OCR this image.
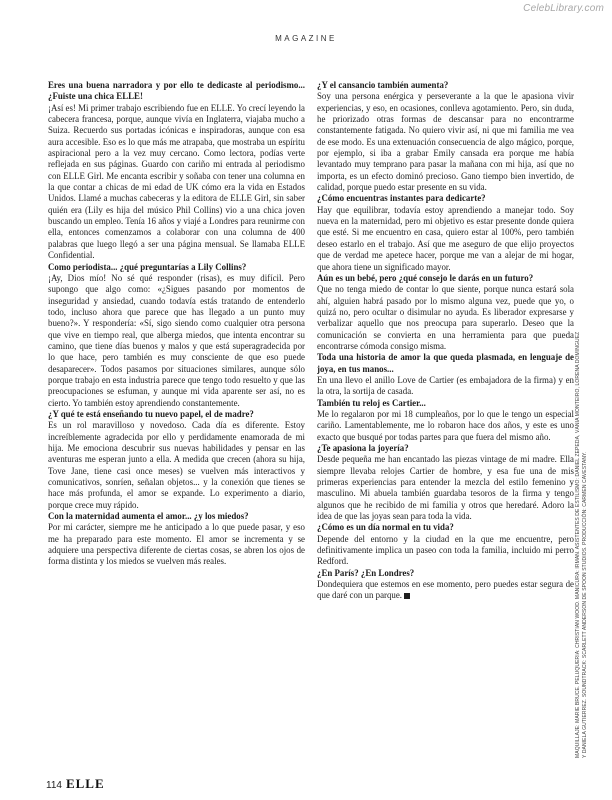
CelebLibrary.com
MAGAZINE

Eres una buena narradora y por ello te dedicaste al periodismo... ¿Fuiste una chica ELLE!

¡Así es! Mi primer trabajo escribiendo fue en ELLE. Yo crecí leyendo la cabecera francesa, porque, aunque vivía en Inglaterra, viajaba mucho a Suiza. Recuerdo sus portadas icónicas e inspiradoras, aunque con esa aura accesible. Eso es lo que más me atrapaba, que mostraba un espíritu aspiracional pero a la vez muy cercano. Como lectora, podías verte reflejada en sus páginas. Guardo con cariño mi entrada al periodismo con ELLE Girl. Me encanta escribir y soñaba con tener una columna en la que contar a chicas de mi edad de UK cómo era la vida en Estados Unidos. Llamé a muchas cabeceras y la editora de ELLE Girl, sin saber quién era (Lily es hija del músico Phil Collins) vio a una chica joven buscando un empleo. Tenía 16 años y viajé a Londres para reunirme con ella, entonces comenzamos a colaborar con una columna de 400 palabras que luego llegó a ser una página mensual. Se llamaba ELLE Confidential.

Como periodista... ¿qué preguntarías a Lily Collins?

¡Ay, Dios mío! No sé qué responder (risas), es muy difícil. Pero supongo que algo como: «¿Sigues pasando por momentos de inseguridad y ansiedad, cuando todavía estás tratando de entenderlo todo, incluso ahora que parece que has llegado a un punto muy bueno?». Y respondería: «Sí, sigo siendo como cualquier otra persona que vive en tiempo real, que alberga miedos, que intenta encontrar su camino, que tiene días buenos y malos y que está superagradecida por lo que hace, pero también es muy consciente de que eso puede desaparecer». Todos pasamos por situaciones similares, aunque sólo porque trabajo en esta industria parece que tengo todo resuelto y que las preocupaciones se esfuman, y aunque mi vida aparente ser así, no es cierto. Yo también estoy aprendiendo constantemente.

¿Y qué te está enseñando tu nuevo papel, el de madre?

Es un rol maravilloso y novedoso. Cada día es diferente. Estoy increíblemente agradecida por ello y perdidamente enamorada de mi hija. Me emociona descubrir sus nuevas habilidades y pensar en las aventuras me esperan junto a ella. A medida que crecen (ahora su hija, Tove Jane, tiene casi once meses) se vuelven más interactivos y comunicativos, sonríen, señalan objetos... y la conexión que tienes se hace más profunda, el amor se expande. Lo experimento a diario, porque crece muy rápido.

Con la maternidad aumenta el amor... ¿y los miedos?

Por mi carácter, siempre me he anticipado a lo que puede pasar, y eso me ha preparado para este momento. El amor se incrementa y se adquiere una perspectiva diferente de ciertas cosas, se abren los ojos de forma distinta y los miedos se vuelven más reales.

¿Y el cansancio también aumenta?

Soy una persona enérgica y perseverante a la que le apasiona vivir experiencias, y eso, en ocasiones, conlleva agotamiento. Pero, sin duda, he priorizado otras formas de descansar para no encontrarme constantemente fatigada. No quiero vivir así, ni que mi familia me vea de ese modo. Es una extenuación consecuencia de algo mágico, porque, por ejemplo, si iba a grabar Emily cansada era porque me había levantado muy temprano para pasar la mañana con mi hija, así que no importa, es un efecto dominó precioso. Gano tiempo bien invertido, de calidad, porque puedo estar presente en su vida.

¿Cómo encuentras instantes para dedicarte?

Hay que equilibrar, todavía estoy aprendiendo a manejar todo. Soy nueva en la maternidad, pero mi objetivo es estar presente donde quiera que esté. Si me encuentro en casa, quiero estar al 100%, pero también deseo estarlo en el trabajo. Así que me aseguro de que elijo proyectos que de verdad me apetece hacer, porque me van a alejar de mi hogar, que ahora tiene un significado mayor.

Aún es un bebé, pero ¿qué consejo le darás en un futuro?

Que no tenga miedo de contar lo que siente, porque nunca estará sola ahí, alguien habrá pasado por lo mismo alguna vez, puede que yo, o quizá no, pero ocultar o disimular no ayuda. Es liberador expresarse y verbalizar aquello que nos preocupa para superarlo. Deseo que la comunicación se convierta en una herramienta para que pueda encontrarse cómoda consigo misma.

Toda una historia de amor la que queda plasmada, en lenguaje de joya, en tus manos...

En una llevo el anillo Love de Cartier (es embajadora de la firma) y en la otra, la sortija de casada.

También tu reloj es Cartier...

Me lo regalaron por mi 18 cumpleaños, por lo que le tengo un especial cariño. Lamentablemente, me lo robaron hace dos años, y este es uno exacto que busqué por todas partes para que fuera del mismo año.

¿Te apasiona la joyería?

Desde pequeña me han encantado las piezas vintage de mi madre. Ella siempre llevaba relojes Cartier de hombre, y esa fue una de mis primeras experiencias para entender la mezcla del estilo femenino y masculino. Mi abuela también guardaba tesoros de la firma y tengo algunos que he recibido de mi familia y otros que heredaré. Adoro la idea de que las joyas sean para toda la vida.

¿Cómo es un día normal en tu vida?

Depende del entorno y la ciudad en la que me encuentre, pero definitivamente implica un paseo con toda la familia, incluido mi perro Redford.

¿En París? ¿En Londres?

Dondequiera que estemos en ese momento, pero puedes estar segura de que daré con un parque.	MAQUILLAJE: MARIE BRUCE. PELUQUERÍA: CHRISTIAN WOOD. MANICURA: IRMAN. ASISTENTES DE ESTILISMO: DANIEL ZEPEDA, VÁNIA MONTEIRO, LORENA DOMÍNGUEZ Y DANIELA GUTIERREZ. SOUNDTRACK: SCARLETT ANDERSON DE SPOON STUDIOS. PRODUCCIÓN: CARMEN CAVESTANY.
114 ELLE
